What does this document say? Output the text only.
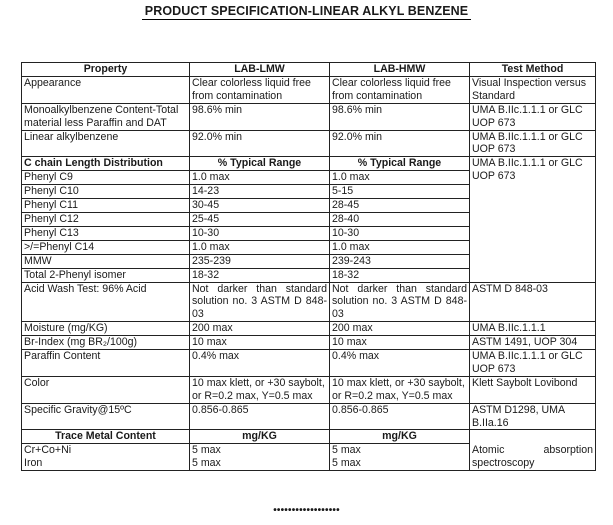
PRODUCT SPECIFICATION-LINEAR ALKYL BENZENE
Property	LAB-LMW	LAB-HMW	Test Method
Appearance	Clear colorless liquid free from contamination	Clear colorless liquid free from contamination	Visual Inspection versus Standard
Monoalkylbenzene Content-Total material less Paraffin and DAT	98.6% min	98.6% min	UMA B.IIc.1.1.1 or GLC UOP 673
Linear alkylbenzene	92.0% min	92.0% min	UMA B.IIc.1.1.1 or GLC UOP 673
C chain Length Distribution	% Typical Range	% Typical Range	UMA B.IIc.1.1.1 or GLC UOP 673
Phenyl C9	1.0 max	1.0 max	
Phenyl C10	14-23	5-15	
Phenyl C11	30-45	28-45	
Phenyl C12	25-45	28-40	
Phenyl C13	10-30	10-30	
>/=Phenyl C14	1.0 max	1.0 max	
MMW	235-239	239-243	
Total 2-Phenyl isomer	18-32	18-32	
Acid Wash Test: 96% Acid	Not darker than standard solution no. 3 ASTM D 848-03	Not darker than standard solution no. 3 ASTM D 848-03	ASTM D 848-03
Moisture (mg/KG)	200 max	200 max	UMA B.IIc.1.1.1
Br-Index (mg BR₂/100g)	10 max	10 max	ASTM 1491, UOP 304
Paraffin Content	0.4% max	0.4% max	UMA B.IIc.1.1.1 or GLC UOP 673
Color	10 max klett, or +30 saybolt, or R=0.2 max, Y=0.5 max	10 max klett, or +30 saybolt, or R=0.2 max, Y=0.5 max	Klett Saybolt Lovibond
Specific Gravity@15ºC	0.856-0.865	0.856-0.865	ASTM D1298, UMA B.IIa.16
Trace Metal Content	mg/KG	mg/KG	Atomic absorption spectroscopy
Cr+Co+Ni	5 max	5 max	
Iron	5 max	5 max	
••••••••••••••••••
